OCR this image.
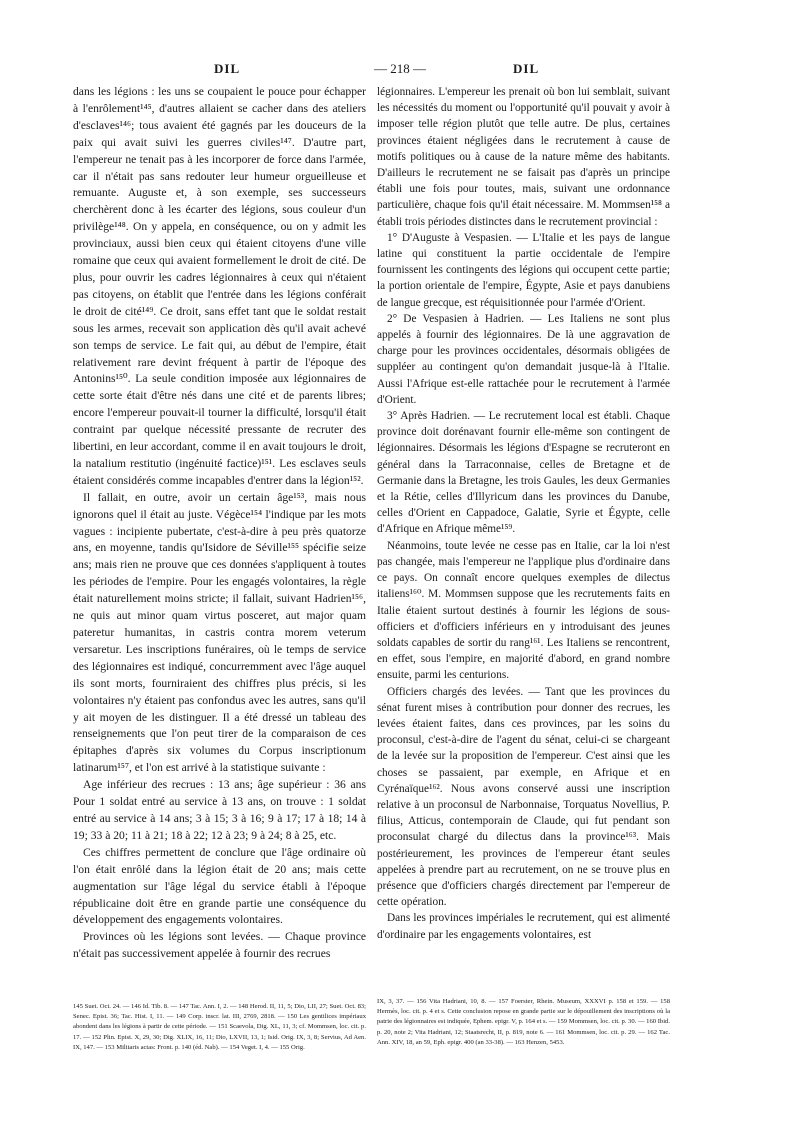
DIL	— 218 —	DIL

dans les légions : les uns se coupaient le pouce pour échapper à l'enrôlement¹⁴⁵, d'autres allaient se cacher dans des ateliers d'esclaves¹⁴⁶; tous avaient été gagnés par les douceurs de la paix qui avait suivi les guerres civiles¹⁴⁷. D'autre part, l'empereur ne tenait pas à les incorporer de force dans l'armée, car il n'était pas sans redouter leur humeur orgueilleuse et remuante. Auguste et, à son exemple, ses successeurs cherchèrent donc à les écarter des légions, sous couleur d'un privilège¹⁴⁸. On y appela, en conséquence, ou on y admit les provinciaux, aussi bien ceux qui étaient citoyens d'une ville romaine que ceux qui avaient formellement le droit de cité. De plus, pour ouvrir les cadres légionnaires à ceux qui n'étaient pas citoyens, on établit que l'entrée dans les légions conférait le droit de cité¹⁴⁹. Ce droit, sans effet tant que le soldat restait sous les armes, recevait son application dès qu'il avait achevé son temps de service. Le fait qui, au début de l'empire, était relativement rare devint fréquent à partir de l'époque des Antonins¹⁵⁰. La seule condition imposée aux légionnaires de cette sorte était d'être nés dans une cité et de parents libres; encore l'empereur pouvait-il tourner la difficulté, lorsqu'il était contraint par quelque nécessité pressante de recruter des libertini, en leur accordant, comme il en avait toujours le droit, la natalium restitutio (ingénuité factice)¹⁵¹. Les esclaves seuls étaient considérés comme incapables d'entrer dans la légion¹⁵².

Il fallait, en outre, avoir un certain âge¹⁵³, mais nous ignorons quel il était au juste. Végèce¹⁵⁴ l'indique par les mots vagues : incipiente pubertate, c'est-à-dire à peu près quatorze ans, en moyenne, tandis qu'Isidore de Séville¹⁵⁵ spécifie seize ans; mais rien ne prouve que ces données s'appliquent à toutes les périodes de l'empire. Pour les engagés volontaires, la règle était naturellement moins stricte; il fallait, suivant Hadrien¹⁵⁶, ne quis aut minor quam virtus posceret, aut major quam pateretur humanitas, in castris contra morem veterum versaretur. Les inscriptions funéraires, où le temps de service des légionnaires est indiqué, concurremment avec l'âge auquel ils sont morts, fourniraient des chiffres plus précis, si les volontaires n'y étaient pas confondus avec les autres, sans qu'il y ait moyen de les distinguer. Il a été dressé un tableau des renseignements que l'on peut tirer de la comparaison de ces épitaphes d'après six volumes du Corpus inscriptionum latinarum¹⁵⁷, et l'on est arrivé à la statistique suivante :

Age inférieur des recrues : 13 ans; âge supérieur : 36 ans Pour 1 soldat entré au service à 13 ans, on trouve : 1 soldat entré au service à 14 ans; 3 à 15; 3 à 16; 9 à 17; 17 à 18; 14 à 19; 33 à 20; 11 à 21; 18 à 22; 12 à 23; 9 à 24; 8 à 25, etc.

Ces chiffres permettent de conclure que l'âge ordinaire où l'on était enrôlé dans la légion était de 20 ans; mais cette augmentation sur l'âge légal du service établi à l'époque républicaine doit être en grande partie une conséquence du développement des engagements volontaires.

Provinces où les légions sont levées. — Chaque province n'était pas successivement appelée à fournir des recrues

légionnaires. L'empereur les prenait où bon lui semblait, suivant les nécessités du moment ou l'opportunité qu'il pouvait y avoir à imposer telle région plutôt que telle autre. De plus, certaines provinces étaient négligées dans le recrutement à cause de motifs politiques ou à cause de la nature même des habitants. D'ailleurs le recrutement ne se faisait pas d'après un principe établi une fois pour toutes, mais, suivant une ordonnance particulière, chaque fois qu'il était nécessaire. M. Mommsen¹⁵⁸ a établi trois périodes distinctes dans le recrutement provincial :

1° D'Auguste à Vespasien. — L'Italie et les pays de langue latine qui constituent la partie occidentale de l'empire fournissent les contingents des légions qui occupent cette partie; la portion orientale de l'empire, Égypte, Asie et pays danubiens de langue grecque, est réquisitionnée pour l'armée d'Orient.

2° De Vespasien à Hadrien. — Les Italiens ne sont plus appelés à fournir des légionnaires. De là une aggravation de charge pour les provinces occidentales, désormais obligées de suppléer au contingent qu'on demandait jusque-là à l'Italie. Aussi l'Afrique est-elle rattachée pour le recrutement à l'armée d'Orient.

3° Après Hadrien. — Le recrutement local est établi. Chaque province doit dorénavant fournir elle-même son contingent de légionnaires. Désormais les légions d'Espagne se recruteront en général dans la Tarraconnaise, celles de Bretagne et de Germanie dans la Bretagne, les trois Gaules, les deux Germanies et la Rétie, celles d'Illyricum dans les provinces du Danube, celles d'Orient en Cappadoce, Galatie, Syrie et Égypte, celle d'Afrique en Afrique même¹⁵⁹.

Néanmoins, toute levée ne cesse pas en Italie, car la loi n'est pas changée, mais l'empereur ne l'applique plus d'ordinaire dans ce pays. On connaît encore quelques exemples de dilectus italiens¹⁶⁰. M. Mommsen suppose que les recrutements faits en Italie étaient surtout destinés à fournir les légions de sous-officiers et d'officiers inférieurs en y introduisant des jeunes soldats capables de sortir du rang¹⁶¹. Les Italiens se rencontrent, en effet, sous l'empire, en majorité d'abord, en grand nombre ensuite, parmi les centurions.

Officiers chargés des levées. — Tant que les provinces du sénat furent mises à contribution pour donner des recrues, les levées étaient faites, dans ces provinces, par les soins du proconsul, c'est-à-dire de l'agent du sénat, celui-ci se chargeant de la levée sur la proposition de l'empereur. C'est ainsi que les choses se passaient, par exemple, en Afrique et en Cyrénaïque¹⁶². Nous avons conservé aussi une inscription relative à un proconsul de Narbonnaise, Torquatus Novellius, P. filius, Atticus, contemporain de Claude, qui fut pendant son proconsulat chargé du dilectus dans la province¹⁶³. Mais postérieurement, les provinces de l'empereur étant seules appelées à prendre part au recrutement, on ne se trouve plus en présence que d'officiers chargés directement par l'empereur de cette opération.

Dans les provinces impériales le recrutement, qui est alimenté d'ordinaire par les engagements volontaires, est

145 Suet. Oct. 24. — 146 Id. Tib. 8. — 147 Tac. Ann. I, 2. — 148 Herod. II, 11, 5; Dio, LII, 27; Suet. Oct. 83; Senec. Epist. 36; Tac. Hist. I, 11. — 149 Corp. inscr. lat. III, 2769, 2818. — 150 Les gentilices impériaux abondent dans les légions à partir de cette période. — 151 Scaevola, Dig. XL, 11, 3; cf. Mommsen, loc. cit. p. 17. — 152 Plin. Epist. X, 29, 30; Dig. XLIX, 16, 11; Dio, LXVII, 13, 1; Isid. Orig. IX, 3, 8; Servius, Ad Aen. IX, 147. — 153 Militaris actas: Front. p. 140 (éd. Nab). — 154 Veget. I, 4. — 155 Orig.

IX, 3, 37. — 156 Vita Hadriani, 10, 8. — 157 Foerster, Rhein. Museum, XXXVI p. 158 et 159. — 158 Hermès, loc. cit. p. 4 et s. Cette conclusion repose en grande partie sur le dépouillement des inscriptions où la patrie des légionnaires est indiquée, Ephem. epigr. V, p. 164 et s. — 159 Mommsen, loc. cit. p. 30. — 160 Ibid. p. 20, note 2; Vita Hadriani, 12; Staatsrecht, II, p. 819, note 6. — 161 Mommsen, loc. cit. p. 29. — 162 Tac. Ann. XIV, 18, an 59, Eph. epigr. 400 (an 33-38). — 163 Henzen, 5453.
